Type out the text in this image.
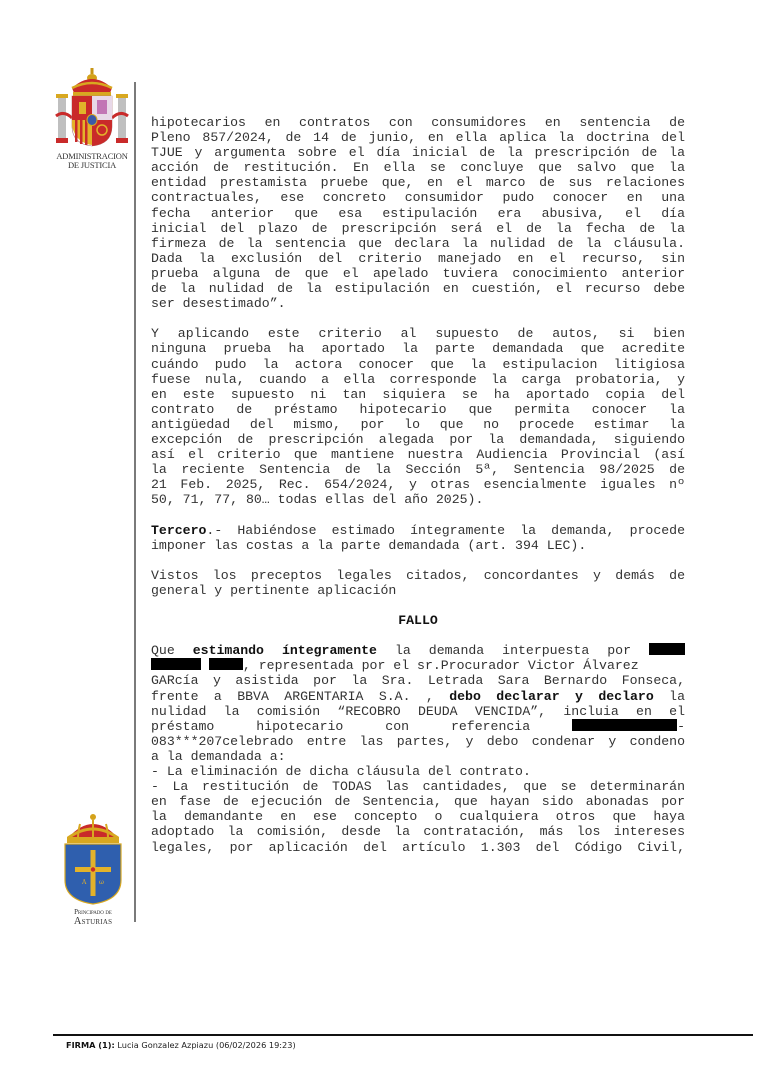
ADMINISTRACION
DE JUSTICIA
hipotecarios en contratos con consumidores en sentencia de
Pleno 857/2024, de 14 de junio, en ella aplica la doctrina del
TJUE y argumenta sobre el día inicial de la prescripción de la
acción de restitución. En ella se concluye que salvo que la
entidad prestamista pruebe que, en el marco de sus relaciones
contractuales, ese concreto consumidor pudo conocer en una
fecha anterior que esa estipulación era abusiva, el día
inicial del plazo de prescripción será el de la fecha de la
firmeza de la sentencia que declara la nulidad de la cláusula.
Dada la exclusión del criterio manejado en el recurso, sin
prueba alguna de que el apelado tuviera conocimiento anterior
de la nulidad de la estipulación en cuestión, el recurso debe
ser desestimado”.
Y aplicando este criterio al supuesto de autos, si bien
ninguna prueba ha aportado la parte demandada que acredite
cuándo pudo la actora conocer que la estipulacion litigiosa
fuese nula, cuando a ella corresponde la carga probatoria, y
en este supuesto ni tan siquiera se ha aportado copia del
contrato de préstamo hipotecario que permita conocer la
antigüedad del mismo, por lo que no procede estimar la
excepción de prescripción alegada por la demandada, siguiendo
así el criterio que mantiene nuestra Audiencia Provincial (así
la reciente Sentencia de la Sección 5ª, Sentencia 98/2025 de
21 Feb. 2025, Rec. 654/2024, y otras esencialmente iguales nº
50, 71, 77, 80… todas ellas del año 2025).
Tercero.- Habiéndose estimado íntegramente la demanda, procede
imponer las costas a la parte demandada (art. 394 LEC).
Vistos los preceptos legales citados, concordantes y demás de
general y pertinente aplicación
FALLO
Que estimando íntegramente la demanda interpuesta por
, representada por el sr.Procurador Victor Álvarez
GARcía y asistida por la Sra. Letrada Sara Bernardo Fonseca,
frente a BBVA ARGENTARIA S.A. , debo declarar y declaro la
nulidad la comisión “RECOBRO DEUDA VENCIDA”, incluia en el
préstamo hipotecario con referencia	-
083***207celebrado entre las partes, y debo condenar y condeno
a la demandada a:
- La eliminación de dicha cláusula del contrato.
- La restitución de TODAS las cantidades, que se determinarán
en fase de ejecución de Sentencia, que hayan sido abonadas por
la demandante en ese concepto o cualquiera otros que haya
adoptado la comisión, desde la contratación, más los intereses
legales, por aplicación del artículo 1.303 del Código Civil,
A ω
Principado de
Asturias
FIRMA (1): Lucia Gonzalez Azpiazu (06/02/2026 19:23)
